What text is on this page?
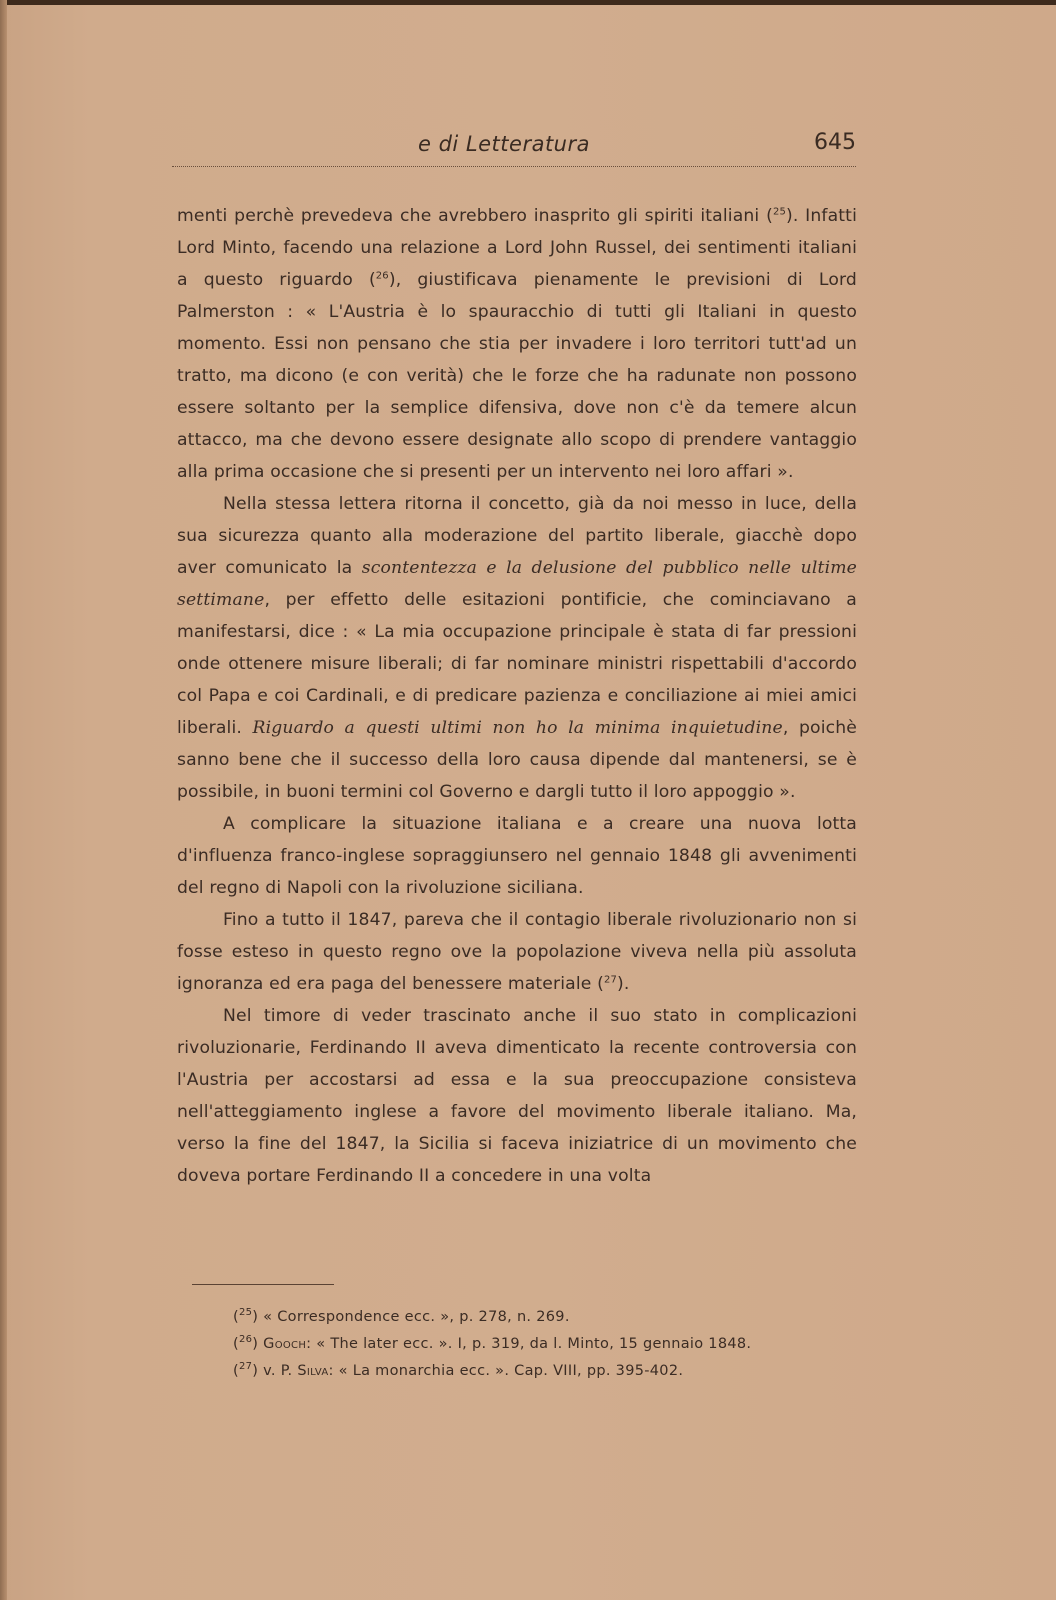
e di Letteratura	645

menti perchè prevedeva che avrebbero inasprito gli spiriti italiani ($^{25}$). Infatti Lord Minto, facendo una relazione a Lord John Russel, dei sentimenti italiani a questo riguardo ($^{26}$), giustificava pienamente le previsioni di Lord Palmerston : « L'Austria è lo spauracchio di tutti gli Italiani in questo momento. Essi non pensano che stia per invadere i loro territori tutt'ad un tratto, ma dicono (e con verità) che le forze che ha radunate non possono essere soltanto per la semplice difensiva, dove non c'è da temere alcun attacco, ma che devono essere designate allo scopo di prendere vantaggio alla prima occasione che si presenti per un intervento nei loro affari ».

Nella stessa lettera ritorna il concetto, già da noi messo in luce, della sua sicurezza quanto alla moderazione del partito liberale, giacchè dopo aver comunicato la scontentezza e la delusione del pubblico nelle ultime settimane, per effetto delle esitazioni pontificie, che cominciavano a manifestarsi, dice : « La mia occupazione principale è stata di far pressioni onde ottenere misure liberali; di far nominare ministri rispettabili d'accordo col Papa e coi Cardinali, e di predicare pazienza e conciliazione ai miei amici liberali. Riguardo a questi ultimi non ho la minima inquietudine, poichè sanno bene che il successo della loro causa dipende dal mantenersi, se è possibile, in buoni termini col Governo e dargli tutto il loro appoggio ».

A complicare la situazione italiana e a creare una nuova lotta d'influenza franco-inglese sopraggiunsero nel gennaio 1848 gli avvenimenti del regno di Napoli con la rivoluzione siciliana.

Fino a tutto il 1847, pareva che il contagio liberale rivoluzionario non si fosse esteso in questo regno ove la popolazione viveva nella più assoluta ignoranza ed era paga del benessere materiale ($^{27}$).

Nel timore di veder trascinato anche il suo stato in complicazioni rivoluzionarie, Ferdinando II aveva dimenticato la recente controversia con l'Austria per accostarsi ad essa e la sua preoccupazione consisteva nell'atteggiamento inglese a favore del movimento liberale italiano. Ma, verso la fine del 1847, la Sicilia si faceva iniziatrice di un movimento che doveva portare Ferdinando II a concedere in una volta

($^{25}$) « Correspondence ecc. », p. 278, n. 269.
($^{26}$) Gooch: « The later ecc. ». I, p. 319, da l. Minto, 15 gennaio 1848.
($^{27}$) v. P. Silva: « La monarchia ecc. ». Cap. VIII, pp. 395-402.
